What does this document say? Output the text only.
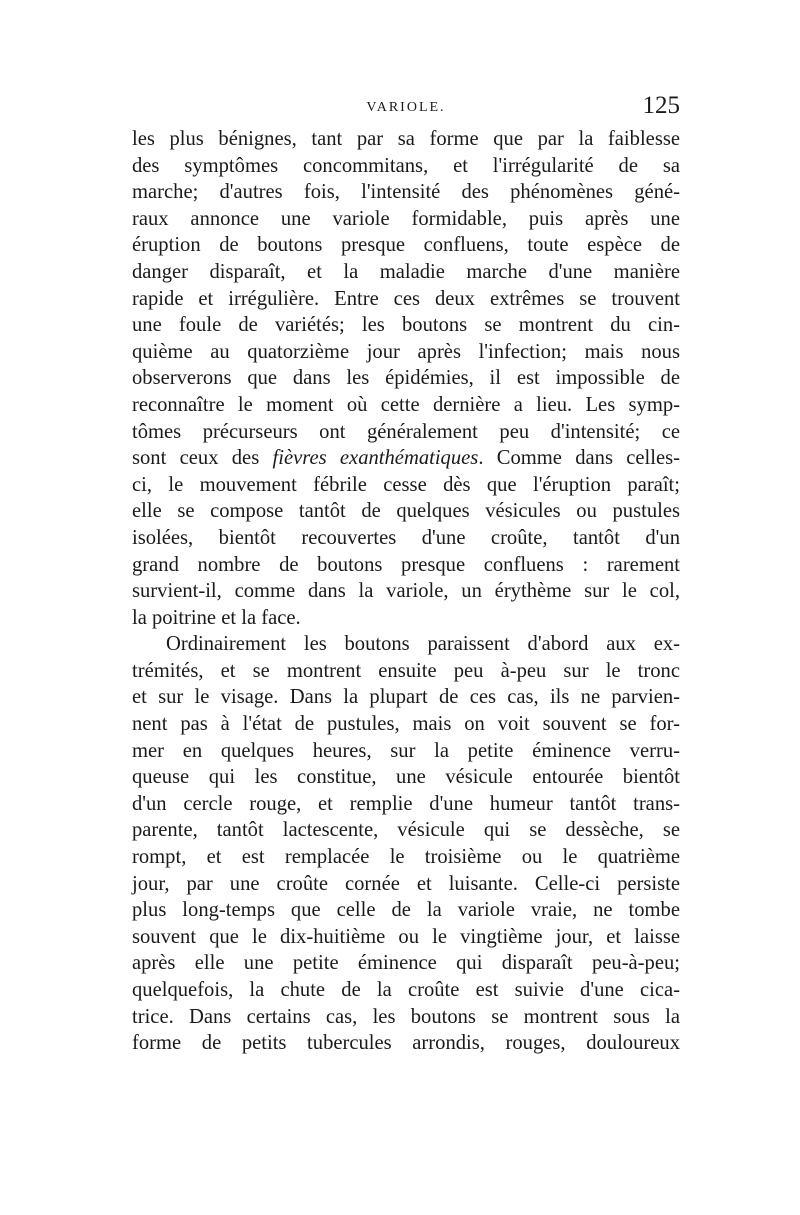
VARIOLE.	125
les plus bénignes, tant par sa forme que par la faiblesse
des symptômes concommitans, et l'irrégularité de sa
marche; d'autres fois, l'intensité des phénomènes géné-
raux annonce une variole formidable, puis après une
éruption de boutons presque confluens, toute espèce de
danger disparaît, et la maladie marche d'une manière
rapide et irrégulière. Entre ces deux extrêmes se trouvent
une foule de variétés; les boutons se montrent du cin-
quième au quatorzième jour après l'infection; mais nous
observerons que dans les épidémies, il est impossible de
reconnaître le moment où cette dernière a lieu. Les symp-
tômes précurseurs ont généralement peu d'intensité; ce
sont ceux des fièvres exanthématiques. Comme dans celles-
ci, le mouvement fébrile cesse dès que l'éruption paraît;
elle se compose tantôt de quelques vésicules ou pustules
isolées, bientôt recouvertes d'une croûte, tantôt d'un
grand nombre de boutons presque confluens : rarement
survient-il, comme dans la variole, un érythème sur le col,
la poitrine et la face.
Ordinairement les boutons paraissent d'abord aux ex-
trémités, et se montrent ensuite peu à-peu sur le tronc
et sur le visage. Dans la plupart de ces cas, ils ne parvien-
nent pas à l'état de pustules, mais on voit souvent se for-
mer en quelques heures, sur la petite éminence verru-
queuse qui les constitue, une vésicule entourée bientôt
d'un cercle rouge, et remplie d'une humeur tantôt trans-
parente, tantôt lactescente, vésicule qui se dessèche, se
rompt, et est remplacée le troisième ou le quatrième
jour, par une croûte cornée et luisante. Celle-ci persiste
plus long-temps que celle de la variole vraie, ne tombe
souvent que le dix-huitième ou le vingtième jour, et laisse
après elle une petite éminence qui disparaît peu-à-peu;
quelquefois, la chute de la croûte est suivie d'une cica-
trice. Dans certains cas, les boutons se montrent sous la
forme de petits tubercules arrondis, rouges, douloureux
